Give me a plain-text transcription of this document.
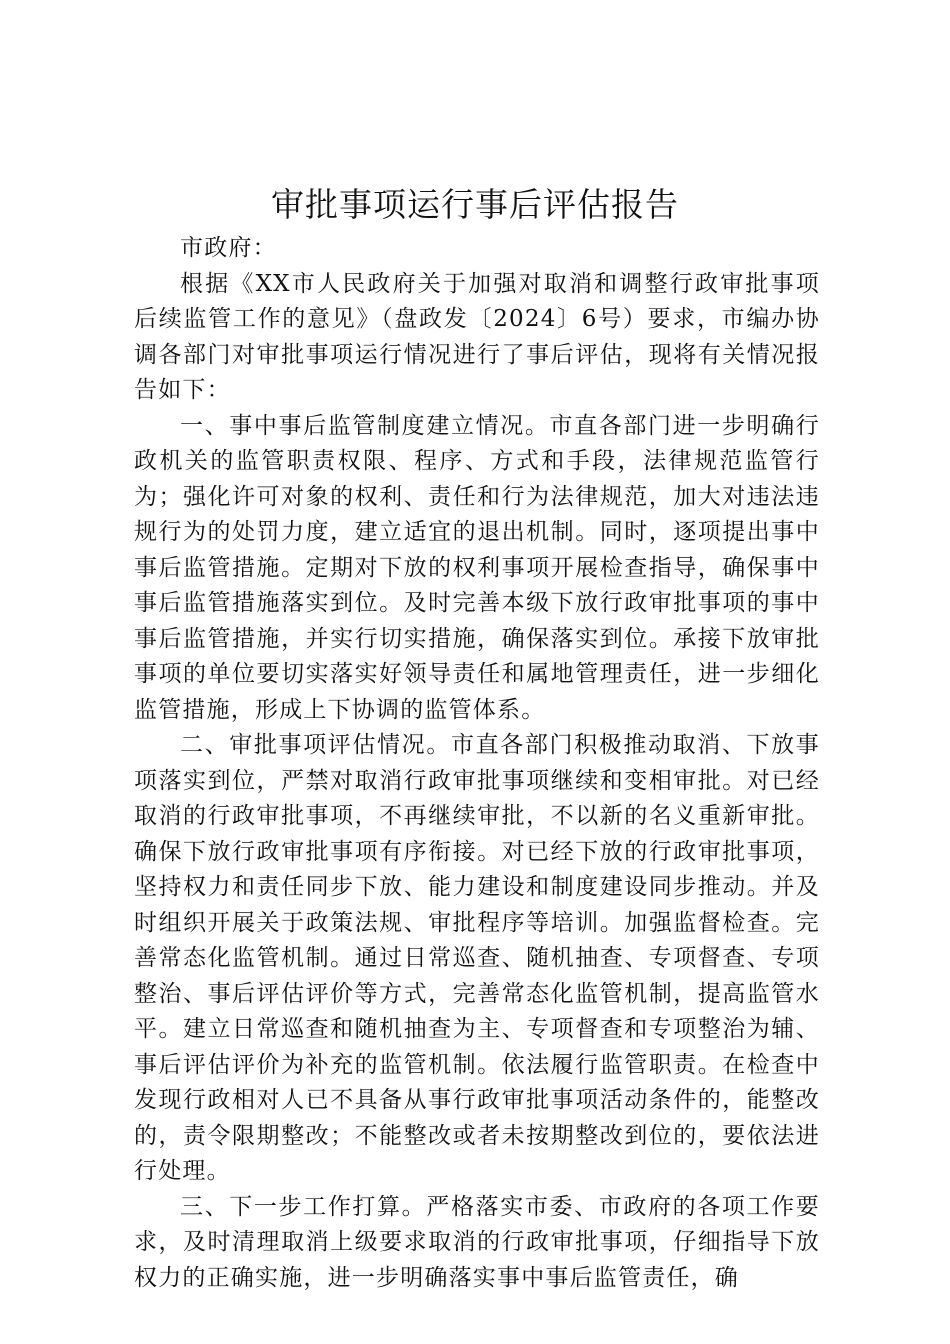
审批事项运行事后评估报告

市政府：

根据《XX市人民政府关于加强对取消和调整行政审批事项后续监管工作的意见》（盘政发〔2024〕6号）要求，市编办协调各部门对审批事项运行情况进行了事后评估，现将有关情况报告如下：

一、事中事后监管制度建立情况。市直各部门进一步明确行政机关的监管职责权限、程序、方式和手段，法律规范监管行为；强化许可对象的权利、责任和行为法律规范，加大对违法违规行为的处罚力度，建立适宜的退出机制。同时，逐项提出事中事后监管措施。定期对下放的权利事项开展检查指导，确保事中事后监管措施落实到位。及时完善本级下放行政审批事项的事中事后监管措施，并实行切实措施，确保落实到位。承接下放审批事项的单位要切实落实好领导责任和属地管理责任，进一步细化监管措施，形成上下协调的监管体系。

二、审批事项评估情况。市直各部门积极推动取消、下放事项落实到位，严禁对取消行政审批事项继续和变相审批。对已经取消的行政审批事项，不再继续审批，不以新的名义重新审批。确保下放行政审批事项有序衔接。对已经下放的行政审批事项，坚持权力和责任同步下放、能力建设和制度建设同步推动。并及时组织开展关于政策法规、审批程序等培训。加强监督检查。完善常态化监管机制。通过日常巡查、随机抽查、专项督查、专项整治、事后评估评价等方式，完善常态化监管机制，提高监管水平。建立日常巡查和随机抽查为主、专项督查和专项整治为辅、事后评估评价为补充的监管机制。依法履行监管职责。在检查中发现行政相对人已不具备从事行政审批事项活动条件的，能整改的，责令限期整改；不能整改或者未按期整改到位的，要依法进行处理。

三、下一步工作打算。严格落实市委、市政府的各项工作要求，及时清理取消上级要求取消的行政审批事项，仔细指导下放权力的正确实施，进一步明确落实事中事后监管责任，确
